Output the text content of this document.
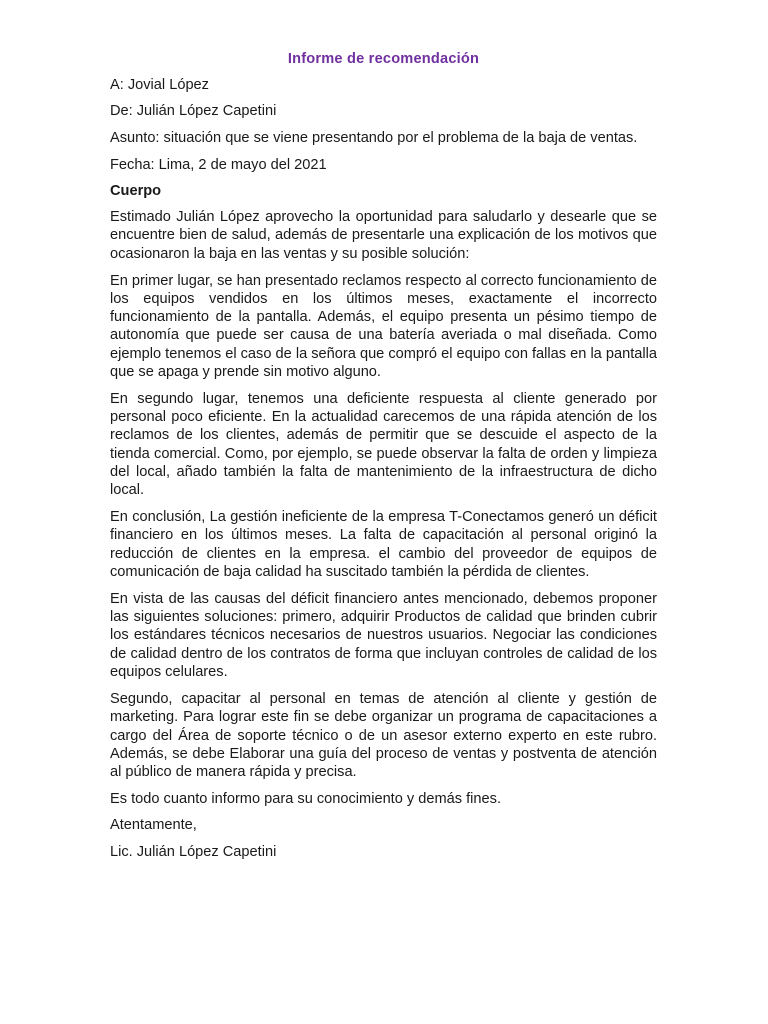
Informe de recomendación
A: Jovial López
De: Julián López Capetini
Asunto: situación que se viene presentando por el problema de la baja de ventas.
Fecha: Lima, 2 de mayo del 2021
Cuerpo
Estimado Julián López aprovecho la oportunidad para saludarlo y desearle que se encuentre bien de salud, además de presentarle una explicación de los motivos que ocasionaron la baja en las ventas y su posible solución:
En primer lugar, se han presentado reclamos respecto al correcto funcionamiento de los equipos vendidos en los últimos meses, exactamente el incorrecto funcionamiento de la pantalla. Además, el equipo presenta un pésimo tiempo de autonomía que puede ser causa de una batería averiada o mal diseñada. Como ejemplo tenemos el caso de la señora que compró el equipo con fallas en la pantalla que se apaga y prende sin motivo alguno.
En segundo lugar, tenemos una deficiente respuesta al cliente generado por personal poco eficiente. En la actualidad carecemos de una rápida atención de los reclamos de los clientes, además de permitir que se descuide el aspecto de la tienda comercial. Como, por ejemplo, se puede observar la falta de orden y limpieza del local, añado también la falta de mantenimiento de la infraestructura de dicho local.
En conclusión, La gestión ineficiente de la empresa T-Conectamos generó un déficit financiero en los últimos meses. La falta de capacitación al personal originó la reducción de clientes en la empresa. el cambio del proveedor de equipos de comunicación de baja calidad ha suscitado también la pérdida de clientes.
En vista de las causas del déficit financiero antes mencionado, debemos proponer las siguientes soluciones: primero, adquirir Productos de calidad que brinden cubrir los estándares técnicos necesarios de nuestros usuarios. Negociar las condiciones de calidad dentro de los contratos de forma que incluyan controles de calidad de los equipos celulares.
Segundo, capacitar al personal en temas de atención al cliente y gestión de marketing. Para lograr este fin se debe organizar un programa de capacitaciones a cargo del Área de soporte técnico o de un asesor externo experto en este rubro. Además, se debe Elaborar una guía del proceso de ventas y postventa de atención al público de manera rápida y precisa.
Es todo cuanto informo para su conocimiento y demás fines.
Atentamente,
Lic. Julián López Capetini
